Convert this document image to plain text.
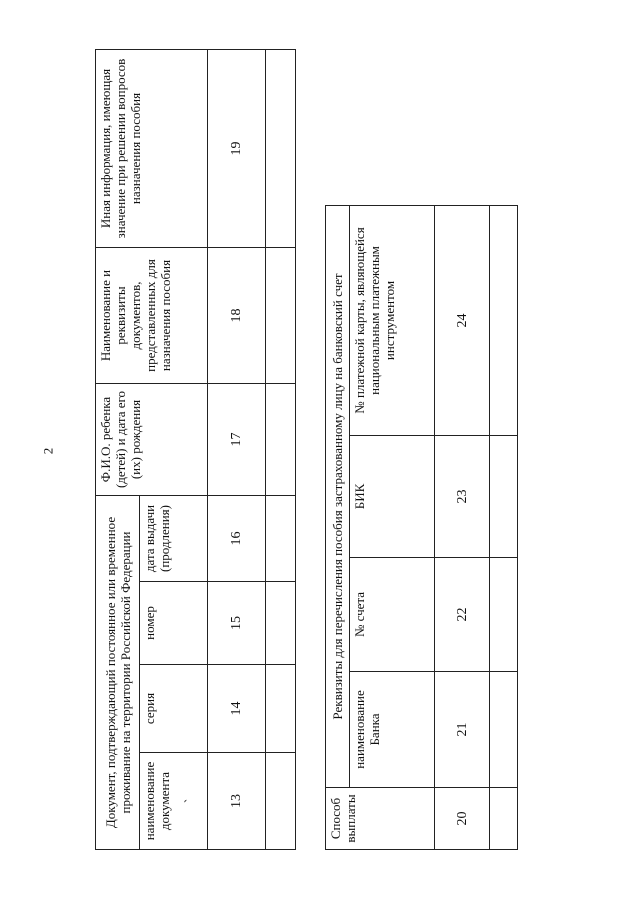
2
Документ, подтверждающий постоянное или временное проживание на территории Российской Федерации				Ф.И.О. ребенка (детей) и дата его (их) рождения	Наименование и реквизиты документов, представленных для назначения пособия	Иная информация, имеющая значение при решении вопросов назначения пособия

наименование документа ˏ	серия	номер	дата выдачи (продления)			
13	14	15	16	17	18	19

Способ выплаты	Реквизиты для перечисления пособия застрахованному лицу на банковский счет			
	наименование Банка	№ счета	БИК	№ платежной карты, являющейся национальным платежным инструментом
20	21	22	23	24
